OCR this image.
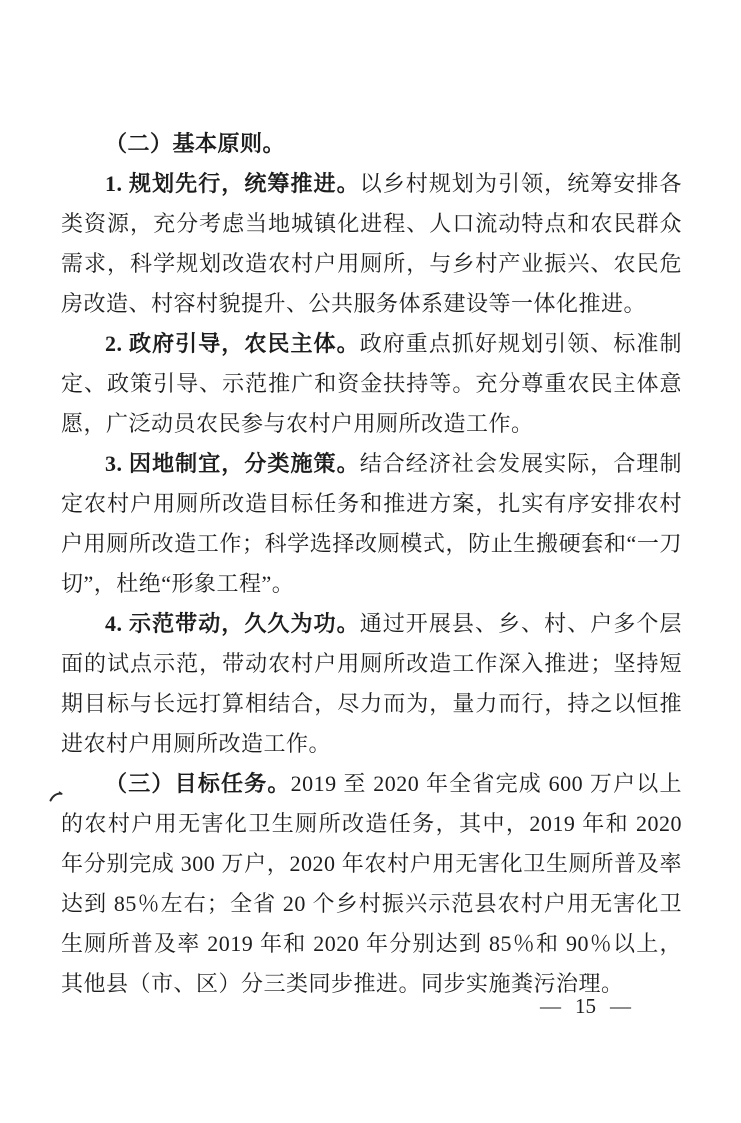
（二）基本原则。

1. 规划先行，统筹推进。以乡村规划为引领，统筹安排各类资源，充分考虑当地城镇化进程、人口流动特点和农民群众需求，科学规划改造农村户用厕所，与乡村产业振兴、农民危房改造、村容村貌提升、公共服务体系建设等一体化推进。

2. 政府引导，农民主体。政府重点抓好规划引领、标准制定、政策引导、示范推广和资金扶持等。充分尊重农民主体意愿，广泛动员农民参与农村户用厕所改造工作。

3. 因地制宜，分类施策。结合经济社会发展实际，合理制定农村户用厕所改造目标任务和推进方案，扎实有序安排农村户用厕所改造工作；科学选择改厕模式，防止生搬硬套和“一刀切”，杜绝“形象工程”。

4. 示范带动，久久为功。通过开展县、乡、村、户多个层面的试点示范，带动农村户用厕所改造工作深入推进；坚持短期目标与长远打算相结合，尽力而为，量力而行，持之以恒推进农村户用厕所改造工作。

（三）目标任务。2019 至 2020 年全省完成 600 万户以上的农村户用无害化卫生厕所改造任务，其中，2019 年和 2020 年分别完成 300 万户，2020 年农村户用无害化卫生厕所普及率达到 85％左右；全省 20 个乡村振兴示范县农村户用无害化卫生厕所普及率 2019 年和 2020 年分别达到 85％和 90％以上，其他县（市、区）分三类同步推进。同步实施粪污治理。

— 15 —
